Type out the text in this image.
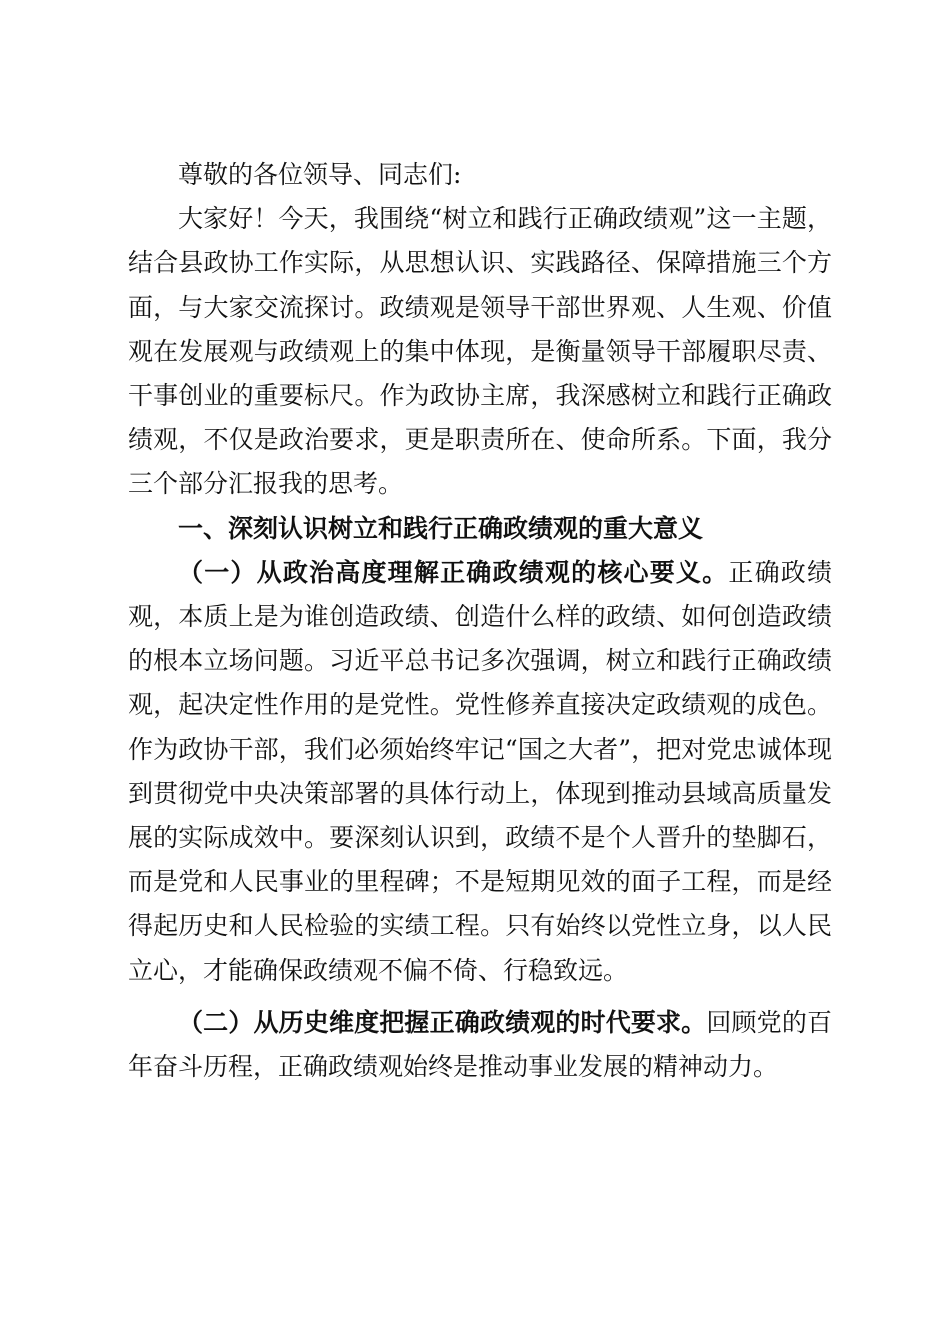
尊敬的各位领导、同志们:

大家好！今天，我围绕“树立和践行正确政绩观”这一主题，结合县政协工作实际，从思想认识、实践路径、保障措施三个方面，与大家交流探讨。政绩观是领导干部世界观、人生观、价值观在发展观与政绩观上的集中体现，是衡量领导干部履职尽责、干事创业的重要标尺。作为政协主席，我深感树立和践行正确政绩观，不仅是政治要求，更是职责所在、使命所系。下面，我分三个部分汇报我的思考。

一、深刻认识树立和践行正确政绩观的重大意义

（一）从政治高度理解正确政绩观的核心要义。正确政绩观，本质上是为谁创造政绩、创造什么样的政绩、如何创造政绩的根本立场问题。习近平总书记多次强调，树立和践行正确政绩观，起决定性作用的是党性。党性修养直接决定政绩观的成色。作为政协干部，我们必须始终牢记“国之大者”，把对党忠诚体现到贯彻党中央决策部署的具体行动上，体现到推动县域高质量发展的实际成效中。要深刻认识到，政绩不是个人晋升的垫脚石，而是党和人民事业的里程碑；不是短期见效的面子工程，而是经得起历史和人民检验的实绩工程。只有始终以党性立身，以人民立心，才能确保政绩观不偏不倚、行稳致远。

（二）从历史维度把握正确政绩观的时代要求。回顾党的百年奋斗历程，正确政绩观始终是推动事业发展的精神动力。
